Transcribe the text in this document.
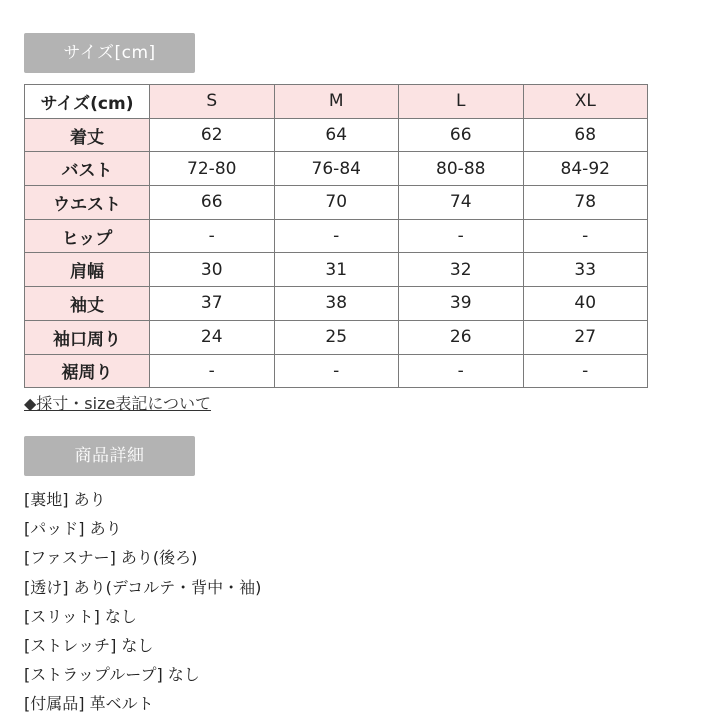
サイズ[cm]
サイズ(cm)	S	M	L	XL
着丈	62	64	66	68
バスト	72-80	76-84	80-88	84-92
ウエスト	66	70	74	78
ヒップ	-	-	-	-
肩幅	30	31	32	33
袖丈	37	38	39	40
袖口周り	24	25	26	27
裾周り	-	-	-	-
◆採寸・size表記について
商品詳細
[裏地] あり
[パッド] あり
[ファスナー] あり(後ろ)
[透け] あり(デコルテ・背中・袖)
[スリット] なし
[ストレッチ] なし
[ストラップループ] なし
[付属品] 革ベルト
